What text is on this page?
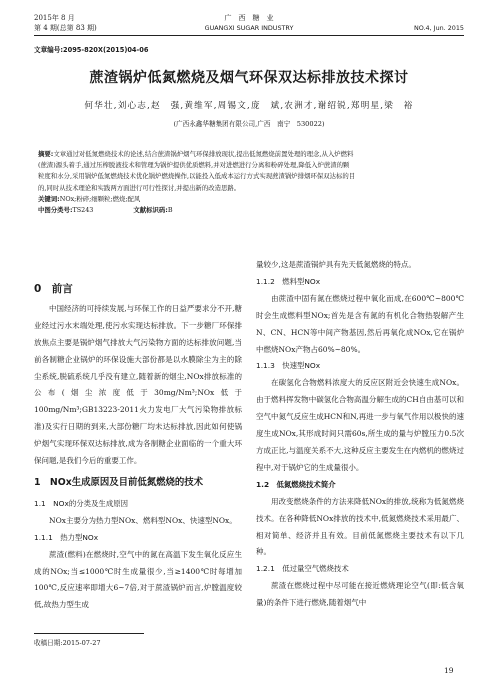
2015年 8 月
第 4 期(总第 83 期)
广　西　糖　业
GUANGXI SUGAR INDUSTRY	NO.4, Jun. 2015
文章编号:2095-820X(2015)04-06
蔗渣锅炉低氮燃烧及烟气环保双达标排放技术探讨
何华壮,刘心志,赵　强,黄维军,周锡文,庞　斌,农洲才,谢绍锐,郑明星,梁　裕
(广西永鑫华糖集团有限公司,广西　南宁　530022)
摘要:文章通过对低氮燃烧技术的论述,结合蔗渣锅炉烟气环保排放现状,提出低氮燃烧前置处理的理念,从入炉燃料
(蔗渣)源头着手,通过压榨脱液技术和管理为锅炉提供优质燃料,并对进燃进行分离和粉碎处理,降低入炉蔗渣的颗
粒度和水分,采用锅炉低氮燃烧技术优化锅炉燃烧操作,以能投入低成本运行方式实现蔗渣锅炉排烟环保双达标的目
的,同时从技术理论和实践两方面进行可行性探讨,并提出新的改造思路。
关键词:NOx;粉碎;细颗粒;燃烧;配风
中图分类号:TS243	文献标识码:B
0　前言

中国经济的可持续发展,与环保工作的日益严要求分不开,糖业经过污水末端处理,使污水实现达标排放。下一步糖厂环保排放焦点主要是锅炉烟气排放大气污染物方面的达标排放问题,当前各制糖企业锅炉的环保设施大部份都是以水膜除尘为主的除尘系统,脱硫系统几乎没有建立,随着新的烟尘,NOx排放标准的公布(烟尘浓度低于30mg/Nm³;NOx低于100mg/Nm³;GB13223-2011火力发电厂大气污染物排放标准)及实行日期的到来,大部份糖厂均未达标排放,因此如何使锅炉烟气实现环保双达标排放,成为各制糖企业面临的一个重大环保问题,是我们今后的重要工作。

1　NOx生成原因及目前低氮燃烧的技术
1.1　NOx的分类及生成原因

NOx主要分为热力型NOx、燃料型NOx、快速型NOx。

1.1.1　热力型NOx

蔗渣(燃料)在燃烧时,空气中的氮在高温下发生氧化反应生成的NOx;当≤1000℃时生成量很少,当≥1400℃时每增加100℃,反应速率即增大6~7倍,对于蔗渣锅炉而言,炉膛温度较低,故热力型生成

量较少,这是蔗渣锅炉具有先天低氮燃烧的特点。

1.1.2　燃料型NOx

由蔗渣中固有氮在燃烧过程中氧化而成,在600℃~800℃时会生成燃料型NOx;首先是含有氮的有机化合物热裂解产生N、CN、HCN等中间产物基因,然后再氧化成NOx,它在锅炉中燃烧NOx产物占60%~80%。

1.1.3　快速型NOx

在碳氢化合物燃料浓度大的反应区附近会快速生成NOx。由于燃料挥发物中碳氢化合物高温分解生成的CH自由基可以和空气中氮气反应生成HCN和N,再进一步与氧气作用以极快的速度生成NOx,其形成时间只需60s,所生成的量与炉膛压力0.5次方成正比,与温度关系不大,这种反应主要发生在内燃机的燃烧过程中,对于锅炉它的生成量很小。

1.2　低氮燃烧技术简介

用改变燃烧条件的方法来降低NOx的排放,统称为低氮燃烧技术。在各种降低NOx排放的技术中,低氮燃烧技术采用最广、相对简单、经济并且有效。目前低氮燃烧主要技术有以下几种。

1.2.1　低过量空气燃烧技术

蔗渣在燃烧过程中尽可能在接近燃烧理论空气(即:低含氧量)的条件下进行燃烧,随着烟气中

收稿日期:2015-07-27
19
